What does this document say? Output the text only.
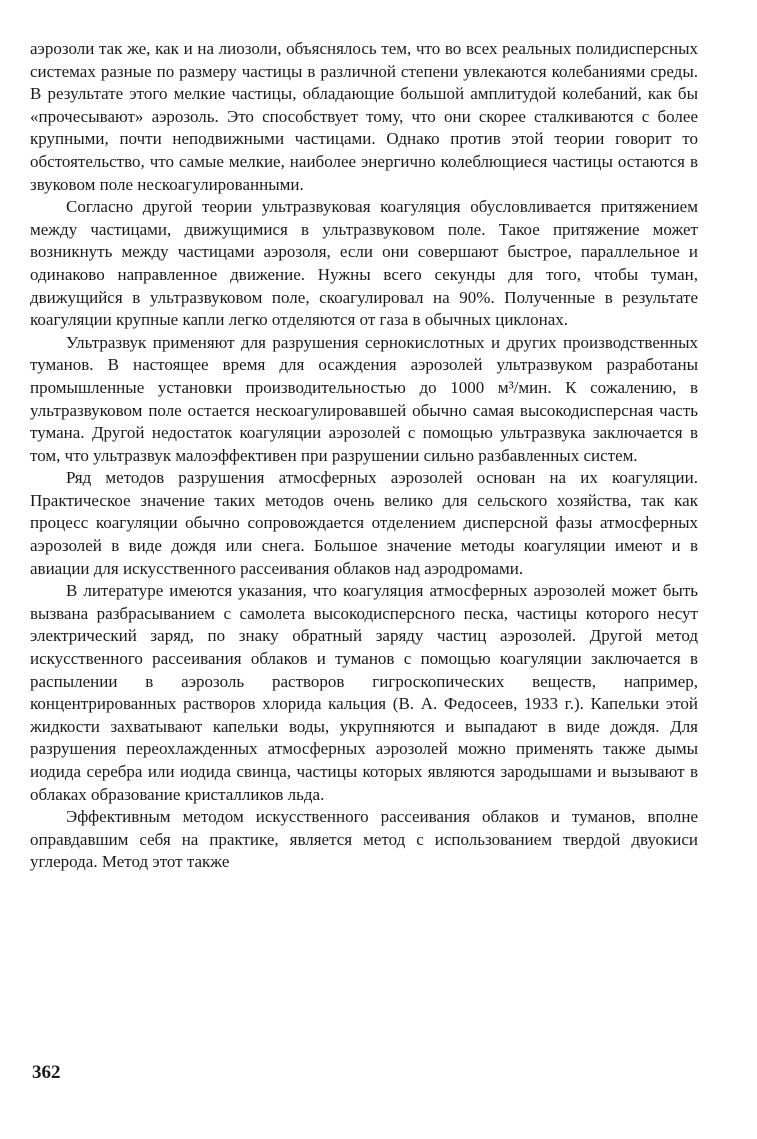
аэрозоли так же, как и на лиозоли, объяснялось тем, что во всех реальных полидисперсных системах разные по размеру частицы в различной степени увлекаются колебаниями среды. В результате этого мелкие частицы, обладающие большой амплитудой колебаний, как бы «прочесывают» аэрозоль. Это способствует тому, что они скорее сталкиваются с более крупными, почти неподвижными частицами. Однако против этой теории говорит то обстоятельство, что самые мелкие, наиболее энергично колеблющиеся частицы остаются в звуковом поле нескоагулированными.

Согласно другой теории ультразвуковая коагуляция обусловливается притяжением между частицами, движущимися в ультразвуковом поле. Такое притяжение может возникнуть между частицами аэрозоля, если они совершают быстрое, параллельное и одинаково направленное движение. Нужны всего секунды для того, чтобы туман, движущийся в ультразвуковом поле, скоагулировал на 90%. Полученные в результате коагуляции крупные капли легко отделяются от газа в обычных циклонах.

Ультразвук применяют для разрушения сернокислотных и других производственных туманов. В настоящее время для осаждения аэрозолей ультразвуком разработаны промышленные установки производительностью до 1000 м³/мин. К сожалению, в ультразвуковом поле остается нескоагулировавшей обычно самая высокодисперсная часть тумана. Другой недостаток коагуляции аэрозолей с помощью ультразвука заключается в том, что ультразвук малоэффективен при разрушении сильно разбавленных систем.

Ряд методов разрушения атмосферных аэрозолей основан на их коагуляции. Практическое значение таких методов очень велико для сельского хозяйства, так как процесс коагуляции обычно сопровождается отделением дисперсной фазы атмосферных аэрозолей в виде дождя или снега. Большое значение методы коагуляции имеют и в авиации для искусственного рассеивания облаков над аэродромами.

В литературе имеются указания, что коагуляция атмосферных аэрозолей может быть вызвана разбрасыванием с самолета высокодисперсного песка, частицы которого несут электрический заряд, по знаку обратный заряду частиц аэрозолей. Другой метод искусственного рассеивания облаков и туманов с помощью коагуляции заключается в распылении в аэрозоль растворов гигроскопических веществ, например, концентрированных растворов хлорида кальция (В. А. Федосеев, 1933 г.). Капельки этой жидкости захватывают капельки воды, укрупняются и выпадают в виде дождя. Для разрушения переохлажденных атмосферных аэрозолей можно применять также дымы иодида серебра или иодида свинца, частицы которых являются зародышами и вызывают в облаках образование кристалликов льда.

Эффективным методом искусственного рассеивания облаков и туманов, вполне оправдавшим себя на практике, является метод с использованием твердой двуокиси углерода. Метод этот также

362
